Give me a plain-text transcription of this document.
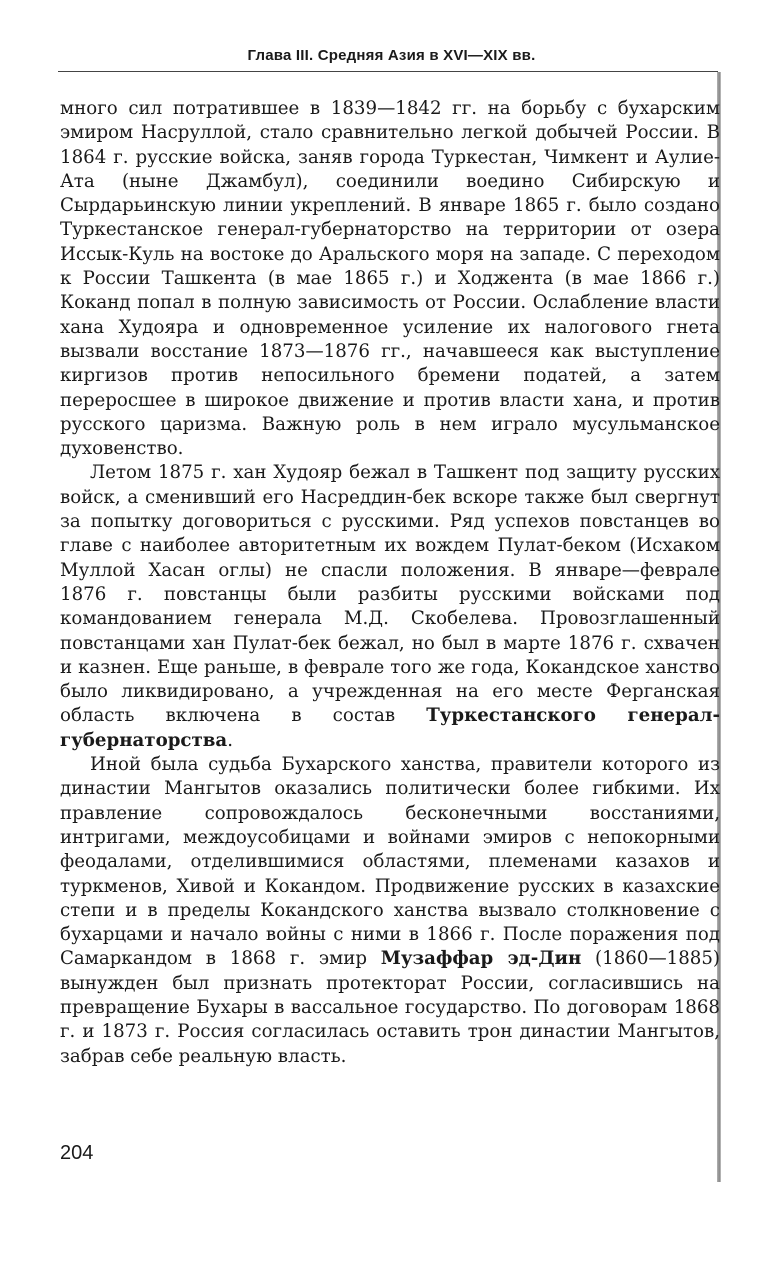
Глава III. Средняя Азия в XVI—XIX вв.

много сил потратившее в 1839—1842 гг. на борьбу с бухарским эмиром Насруллой, стало сравнительно легкой добычей России. В 1864 г. русские войска, заняв города Туркестан, Чимкент и Аулие-Ата (ныне Джамбул), соединили воедино Сибирскую и Сырдарьинскую линии укреплений. В январе 1865 г. было создано Туркестанское генерал-губернаторство на территории от озера Иссык-Куль на востоке до Аральского моря на западе. С переходом к России Ташкента (в мае 1865 г.) и Ходжента (в мае 1866 г.) Коканд попал в полную зависимость от России. Ослабление власти хана Худояра и одновременное усиление их налогового гнета вызвали восстание 1873—1876 гг., начавшееся как выступление киргизов против непосильного бремени податей, а затем переросшее в широкое движение и против власти хана, и против русского царизма. Важную роль в нем играло мусульманское духовенство.

Летом 1875 г. хан Худояр бежал в Ташкент под защиту русских войск, а сменивший его Насреддин-бек вскоре также был свергнут за попытку договориться с русскими. Ряд успехов повстанцев во главе с наиболее авторитетным их вождем Пулат-беком (Исхаком Муллой Хасан оглы) не спасли положения. В январе—феврале 1876 г. повстанцы были разбиты русскими войсками под командованием генерала М.Д. Скобелева. Провозглашенный повстанцами хан Пулат-бек бежал, но был в марте 1876 г. схвачен и казнен. Еще раньше, в феврале того же года, Кокандское ханство было ликвидировано, а учрежденная на его месте Ферганская область включена в состав Туркестанского генерал-губернаторства.

Иной была судьба Бухарского ханства, правители которого из династии Мангытов оказались политически более гибкими. Их правление сопровождалось бесконечными восстаниями, интригами, междоусобицами и войнами эмиров с непокорными феодалами, отделившимися областями, племенами казахов и туркменов, Хивой и Кокандом. Продвижение русских в казахские степи и в пределы Кокандского ханства вызвало столкновение с бухарцами и начало войны с ними в 1866 г. После поражения под Самаркандом в 1868 г. эмир Музаффар эд-Дин (1860—1885) вынужден был признать протекторат России, согласившись на превращение Бухары в вассальное государство. По договорам 1868 г. и 1873 г. Россия согласилась оставить трон династии Мангытов, забрав себе реальную власть.

204
